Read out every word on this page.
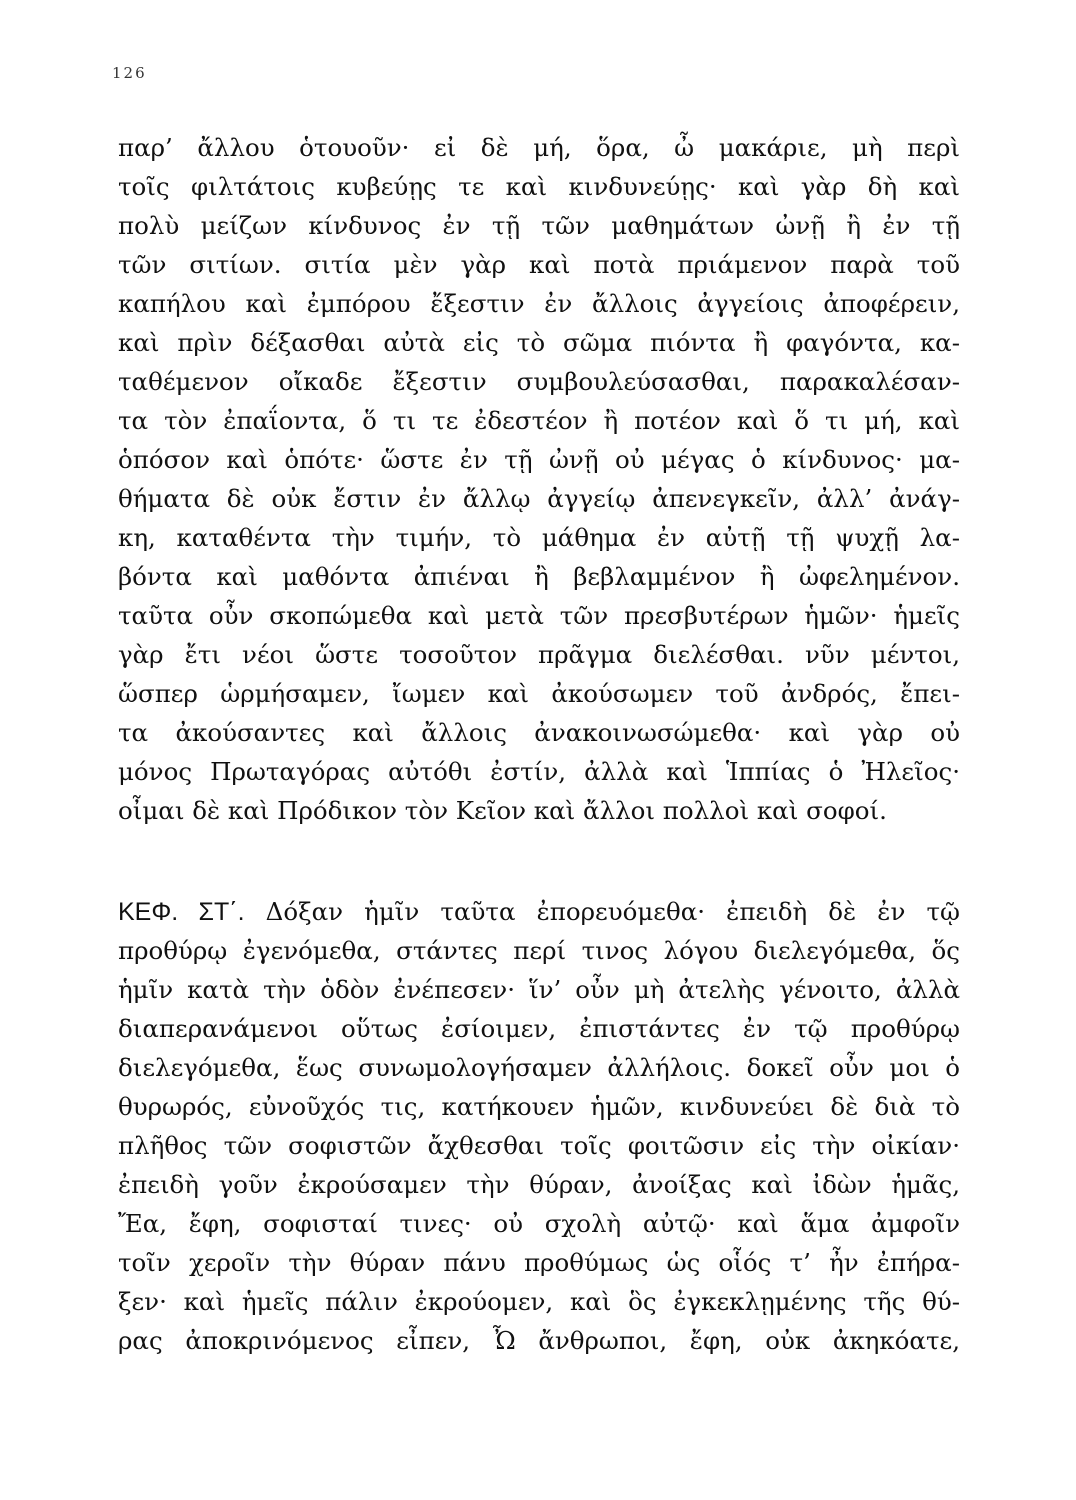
126
παρ’ ἄλλου ὁτουοῦν· εἰ δὲ μή, ὅρα, ὦ μακάριε, μὴ περὶ
τοῖς φιλτάτοις κυβεύῃς τε καὶ κινδυνεύῃς· καὶ γὰρ δὴ καὶ
πολὺ μείζων κίνδυνος ἐν τῇ τῶν μαθημάτων ὠνῇ ἢ ἐν τῇ
τῶν σιτίων. σιτία μὲν γὰρ καὶ ποτὰ πριάμενον παρὰ τοῦ
καπήλου καὶ ἐμπόρου ἔξεστιν ἐν ἄλλοις ἀγγείοις ἀποφέρειν,
καὶ πρὶν δέξασθαι αὐτὰ εἰς τὸ σῶμα πιόντα ἢ φαγόντα, κα-
ταθέμενον οἴκαδε ἔξεστιν συμβουλεύσασθαι, παρακαλέσαν-
τα τὸν ἐπαΐοντα, ὅ τι τε ἐδεστέον ἢ ποτέον καὶ ὅ τι μή, καὶ
ὁπόσον καὶ ὁπότε· ὥστε ἐν τῇ ὠνῇ οὐ μέγας ὁ κίνδυνος· μα-
θήματα δὲ οὐκ ἔστιν ἐν ἄλλῳ ἀγγείῳ ἀπενεγκεῖν, ἀλλ’ ἀνάγ-
κη, καταθέντα τὴν τιμήν, τὸ μάθημα ἐν αὐτῇ τῇ ψυχῇ λα-
βόντα καὶ μαθόντα ἀπιέναι ἢ βεβλαμμένον ἢ ὠφελημένον.
ταῦτα οὖν σκοπώμεθα καὶ μετὰ τῶν πρεσβυτέρων ἡμῶν· ἡμεῖς
γὰρ ἔτι νέοι ὥστε τοσοῦτον πρᾶγμα διελέσθαι. νῦν μέντοι,
ὥσπερ ὡρμήσαμεν, ἴωμεν καὶ ἀκούσωμεν τοῦ ἀνδρός, ἔπει-
τα ἀκούσαντες καὶ ἄλλοις ἀνακοινωσώμεθα· καὶ γὰρ οὐ
μόνος Πρωταγόρας αὐτόθι ἐστίν, ἀλλὰ καὶ Ἱππίας ὁ Ἠλεῖος·
οἶμαι δὲ καὶ Πρόδικον τὸν Κεῖον καὶ ἄλλοι πολλοὶ καὶ σοφοί.
ΚΕΦ. ΣΤ΄. Δόξαν ἡμῖν ταῦτα ἐπορευόμεθα· ἐπειδὴ δὲ ἐν τῷ
προθύρῳ ἐγενόμεθα, στάντες περί τινος λόγου διελεγόμεθα, ὅς
ἡμῖν κατὰ τὴν ὁδὸν ἐνέπεσεν· ἵν’ οὖν μὴ ἀτελὴς γένοιτο, ἀλλὰ
διαπερανάμενοι οὕτως ἐσίοιμεν, ἐπιστάντες ἐν τῷ προθύρῳ
διελεγόμεθα, ἕως συνωμολογήσαμεν ἀλλήλοις. δοκεῖ οὖν μοι ὁ
θυρωρός, εὐνοῦχός τις, κατήκουεν ἡμῶν, κινδυνεύει δὲ διὰ τὸ
πλῆθος τῶν σοφιστῶν ἄχθεσθαι τοῖς φοιτῶσιν εἰς τὴν οἰκίαν·
ἐπειδὴ γοῦν ἐκρούσαμεν τὴν θύραν, ἀνοίξας καὶ ἰδὼν ἡμᾶς,
Ἔα, ἔφη, σοφισταί τινες· οὐ σχολὴ αὐτῷ· καὶ ἅμα ἀμφοῖν
τοῖν χεροῖν τὴν θύραν πάνυ προθύμως ὡς οἷός τ’ ἦν ἐπήρα-
ξεν· καὶ ἡμεῖς πάλιν ἐκρούομεν, καὶ ὃς ἐγκεκλῃμένης τῆς θύ-
ρας ἀποκρινόμενος εἶπεν, Ὦ ἄνθρωποι, ἔφη, οὐκ ἀκηκόατε,
